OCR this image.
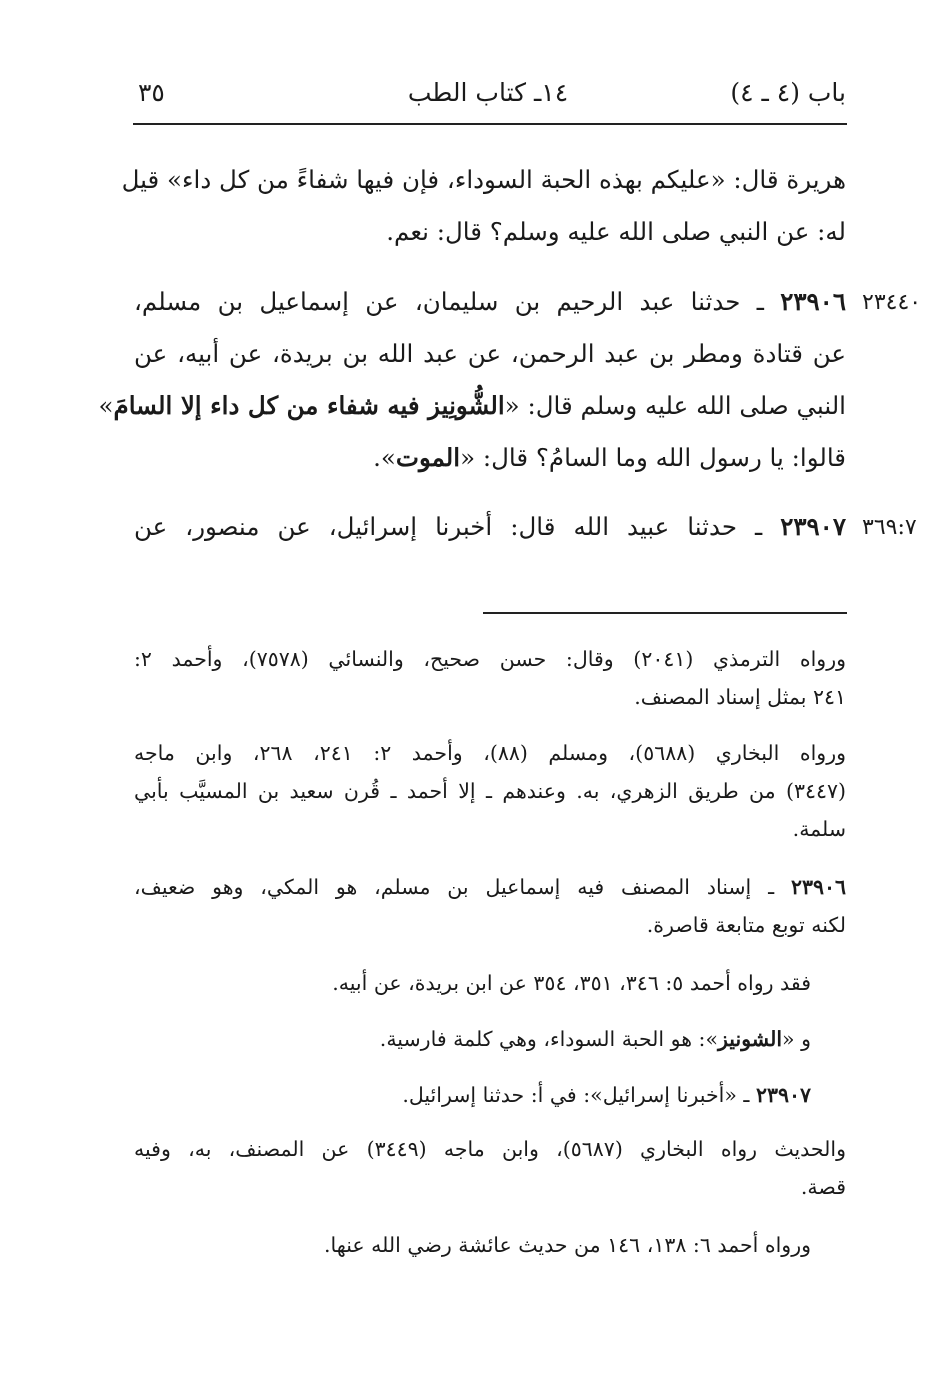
باب (٤ ـ ٤)
١٤ـ كتاب الطب
٣٥
هريرة قال: «عليكم بهذه الحبة السوداء، فإن فيها شفاءً من كل داء» قيل
له: عن النبي صلى الله عليه وسلم؟ قال: نعم.
٢٣٤٤٠
٢٣٩٠٦ ـ حدثنا عبد الرحيم بن سليمان، عن إسماعيل بن مسلم،
عن قتادة ومطر بن عبد الرحمن، عن عبد الله بن بريدة، عن أبيه، عن
النبي صلى الله عليه وسلم قال: «الشُّونِيز فيه شفاء من كل داء إلا السامَ»
قالوا: يا رسول الله وما السامُ؟ قال: «الموت».
٣٦٩:٧
٢٣٩٠٧ ـ حدثنا عبيد الله قال: أخبرنا إسرائيل، عن منصور، عن
ورواه الترمذي (٢٠٤١) وقال: حسن صحيح، والنسائي (٧٥٧٨)، وأحمد ٢:
٢٤١ بمثل إسناد المصنف.
ورواه البخاري (٥٦٨٨)، ومسلم (٨٨)، وأحمد ٢: ٢٤١، ٢٦٨، وابن ماجه
(٣٤٤٧) من طريق الزهري، به. وعندهم ـ إلا أحمد ـ قُرن سعيد بن المسيَّب بأبي
سلمة.
٢٣٩٠٦ ـ إسناد المصنف فيه إسماعيل بن مسلم، هو المكي، وهو ضعيف،
لكنه توبع متابعة قاصرة.
فقد رواه أحمد ٥: ٣٤٦، ٣٥١، ٣٥٤ عن ابن بريدة، عن أبيه.
و «الشونيز»: هو الحبة السوداء، وهي كلمة فارسية.
٢٣٩٠٧ ـ «أخبرنا إسرائيل»: في أ: حدثنا إسرائيل.
والحديث رواه البخاري (٥٦٨٧)، وابن ماجه (٣٤٤٩) عن المصنف، به، وفيه
قصة.
ورواه أحمد ٦: ١٣٨، ١٤٦ من حديث عائشة رضي الله عنها.
